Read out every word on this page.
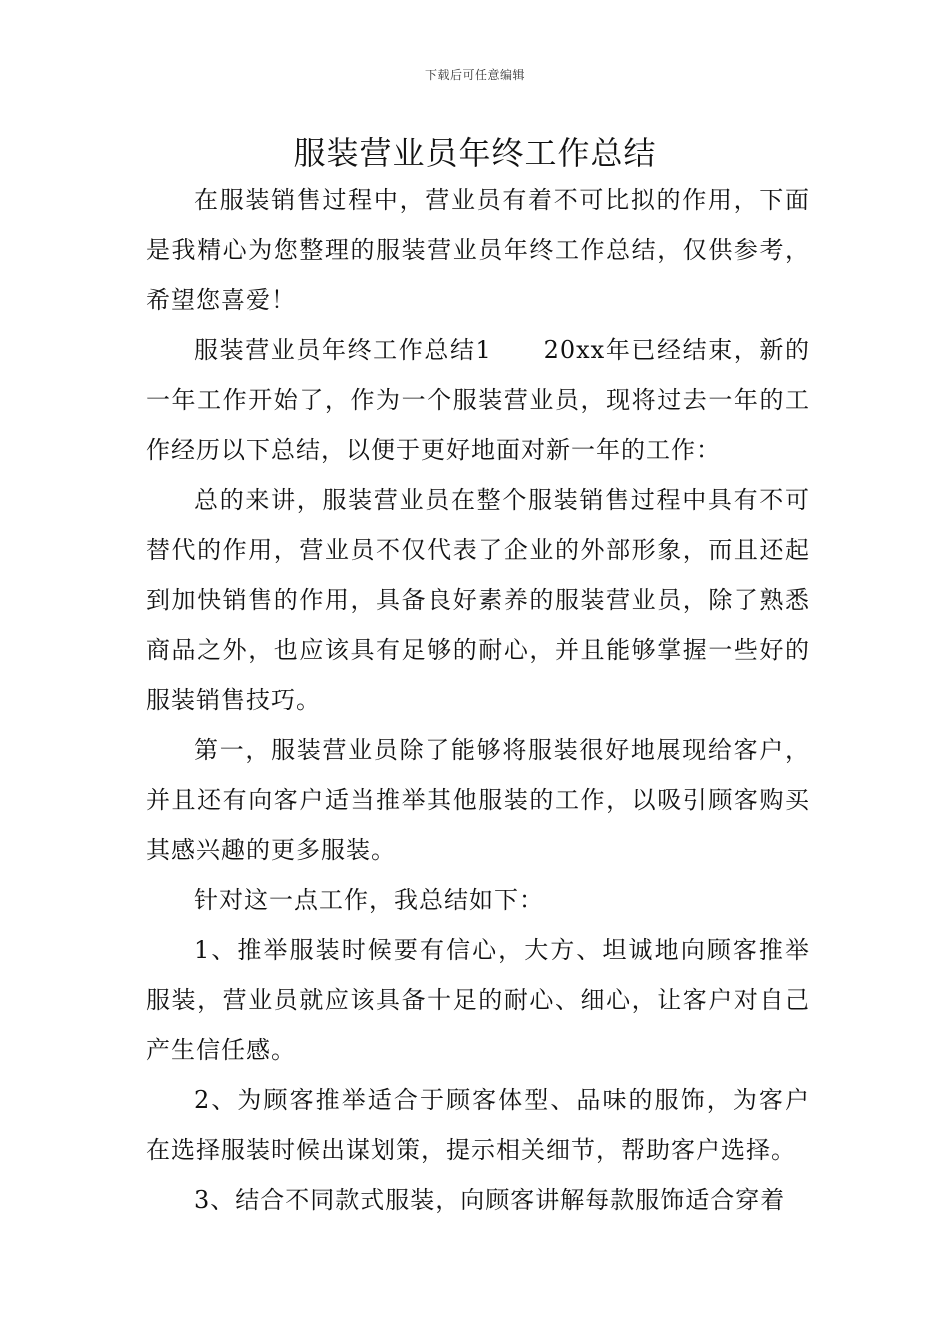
下载后可任意编辑
服装营业员年终工作总结

在服装销售过程中，营业员有着不可比拟的作用，下面是我精心为您整理的服装营业员年终工作总结，仅供参考，希望您喜爱！

服装营业员年终工作总结1　　20xx年已经结束，新的一年工作开始了，作为一个服装营业员，现将过去一年的工作经历以下总结，以便于更好地面对新一年的工作：

总的来讲，服装营业员在整个服装销售过程中具有不可替代的作用，营业员不仅代表了企业的外部形象，而且还起到加快销售的作用，具备良好素养的服装营业员，除了熟悉商品之外，也应该具有足够的耐心，并且能够掌握一些好的服装销售技巧。

第一，服装营业员除了能够将服装很好地展现给客户，并且还有向客户适当推举其他服装的工作，以吸引顾客购买其感兴趣的更多服装。

针对这一点工作，我总结如下：

1、推举服装时候要有信心，大方、坦诚地向顾客推举服装，营业员就应该具备十足的耐心、细心，让客户对自己产生信任感。

2、为顾客推举适合于顾客体型、品味的服饰，为客户在选择服装时候出谋划策，提示相关细节，帮助客户选择。

3、结合不同款式服装，向顾客讲解每款服饰适合穿着
